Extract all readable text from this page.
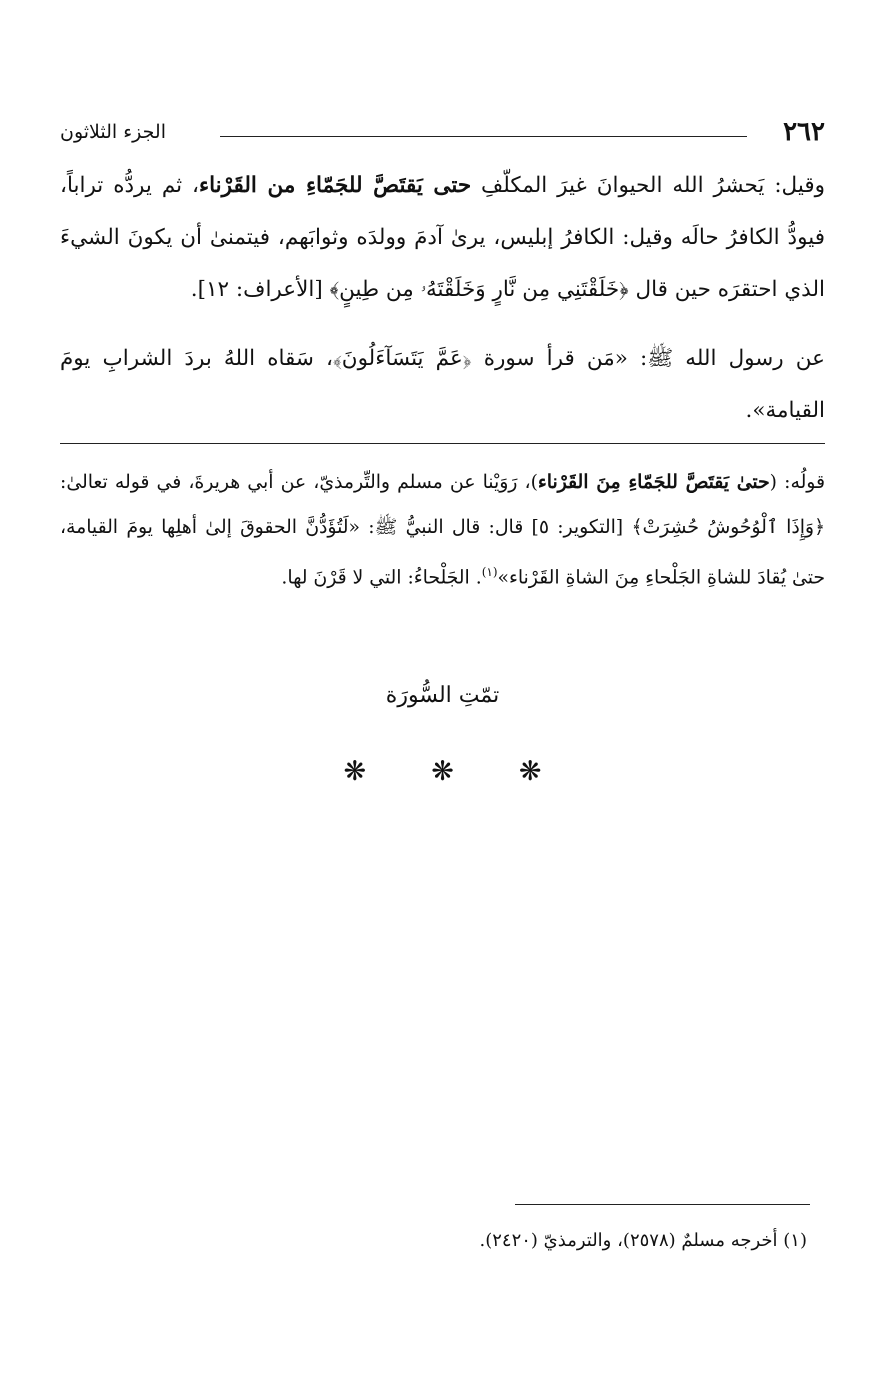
٢٦٢
الجزء الثلاثون

وقيل: يَحشرُ الله الحيوانَ غيرَ المكلّفِ حتى يَقتَصَّ للجَمّاءِ من القَرْناء، ثم يردُّه تراباً، فيودُّ الكافرُ حالَه وقيل: الكافرُ إبليس، يرىٰ آدمَ وولدَه وثوابَهم، فيتمنىٰ أن يكونَ الشيءَ الذي احتقرَه حين قال ﴿خَلَقْتَنِي مِن نَّارٍ وَخَلَقْتَهُۥ مِن طِينٍ﴾ [الأعراف: ١٢].

عن رسول الله ﷺ: «مَن قرأ سورة ﴿عَمَّ يَتَسَآءَلُونَ﴾، سَقاه اللهُ بردَ الشرابِ يومَ القيامة».

قولُه: (حتىٰ يَقتَصَّ للجَمّاءِ مِنَ القَرْناء)، رَوَيْنا عن مسلم والتِّرمذيّ، عن أبي هريرةَ، في قوله تعالىٰ: ﴿وَإِذَا ٱلْوُحُوشُ حُشِرَتْ﴾ [التكوير: ٥] قال: قال النبيُّ ﷺ: «لَتُؤَدُّنَّ الحقوقَ إلىٰ أهلِها يومَ القيامة، حتىٰ يُقادَ للشاةِ الجَلْحاءِ مِنَ الشاةِ القَرْناء»$^{(١)}$. الجَلْحاءُ: التي لا قَرْنَ لها.

تمّتِ السُّورَة
❋ ❋ ❋

(١) أخرجه مسلمٌ (٢٥٧٨)، والترمذيّ (٢٤٢٠).
